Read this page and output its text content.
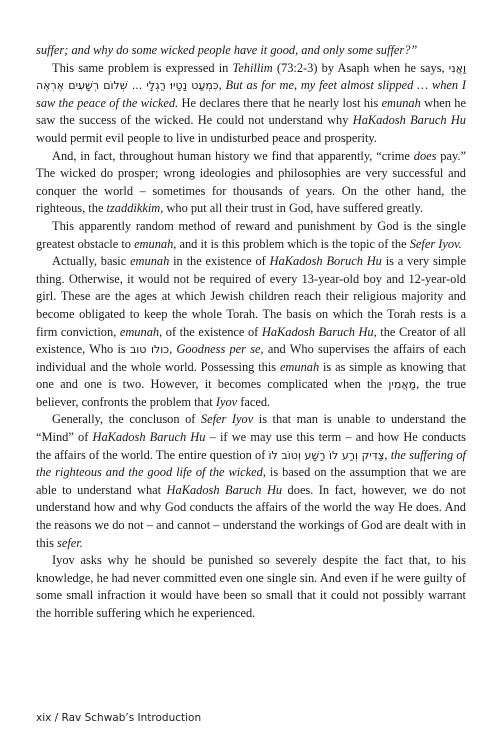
suffer; and why do some wicked people have it good, and only some suffer?”

This same problem is expressed in Tehillim (73:2-3) by Asaph when he says, וַאֲנִי כִּמְעַט נָטָיוּ רַגְלָי ... שְׁלוֹם רְשָׁעִים אֶרְאֶה, But as for me, my feet almost slipped … when I saw the peace of the wicked. He declares there that he nearly lost his emunah when he saw the success of the wicked. He could not understand why HaKadosh Baruch Hu would permit evil people to live in undisturbed peace and prosperity.

And, in fact, throughout human history we find that apparently, “crime does pay.” The wicked do prosper; wrong ideologies and philosophies are very successful and conquer the world – sometimes for thousands of years. On the other hand, the righteous, the tzaddikkim, who put all their trust in God, have suffered greatly.

This apparently random method of reward and punishment by God is the single greatest obstacle to emunah, and it is this problem which is the topic of the Sefer Iyov.

Actually, basic emunah in the existence of HaKadosh Boruch Hu is a very simple thing. Otherwise, it would not be required of every 13-year-old boy and 12-year-old girl. These are the ages at which Jewish children reach their religious majority and become obligated to keep the whole Torah. The basis on which the Torah rests is a firm conviction, emunah, of the existence of HaKadosh Baruch Hu, the Creator of all existence, Who is כולו טוב, Goodness per se, and Who supervises the affairs of each individual and the whole world. Possessing this emunah is as simple as knowing that one and one is two. However, it becomes complicated when the מַאֲמִין, the true believer, confronts the problem that Iyov faced.

Generally, the concluson of Sefer Iyov is that man is unable to understand the “Mind” of HaKadosh Baruch Hu – if we may use this term – and how He conducts the affairs of the world. The entire question of צַדִּיק וְרַע לוֹ רָשָׁע וְטוֹב לוֹ, the suffering of the righteous and the good life of the wicked, is based on the assumption that we are able to understand what HaKadosh Baruch Hu does. In fact, however, we do not understand how and why God conducts the affairs of the world the way He does. And the reasons we do not – and cannot – understand the workings of God are dealt with in this sefer.

Iyov asks why he should be punished so severely despite the fact that, to his knowledge, he had never committed even one single sin. And even if he were guilty of some small infraction it would have been so small that it could not possibly warrant the horrible suffering which he experienced.

xix / Rav Schwab’s Introduction
